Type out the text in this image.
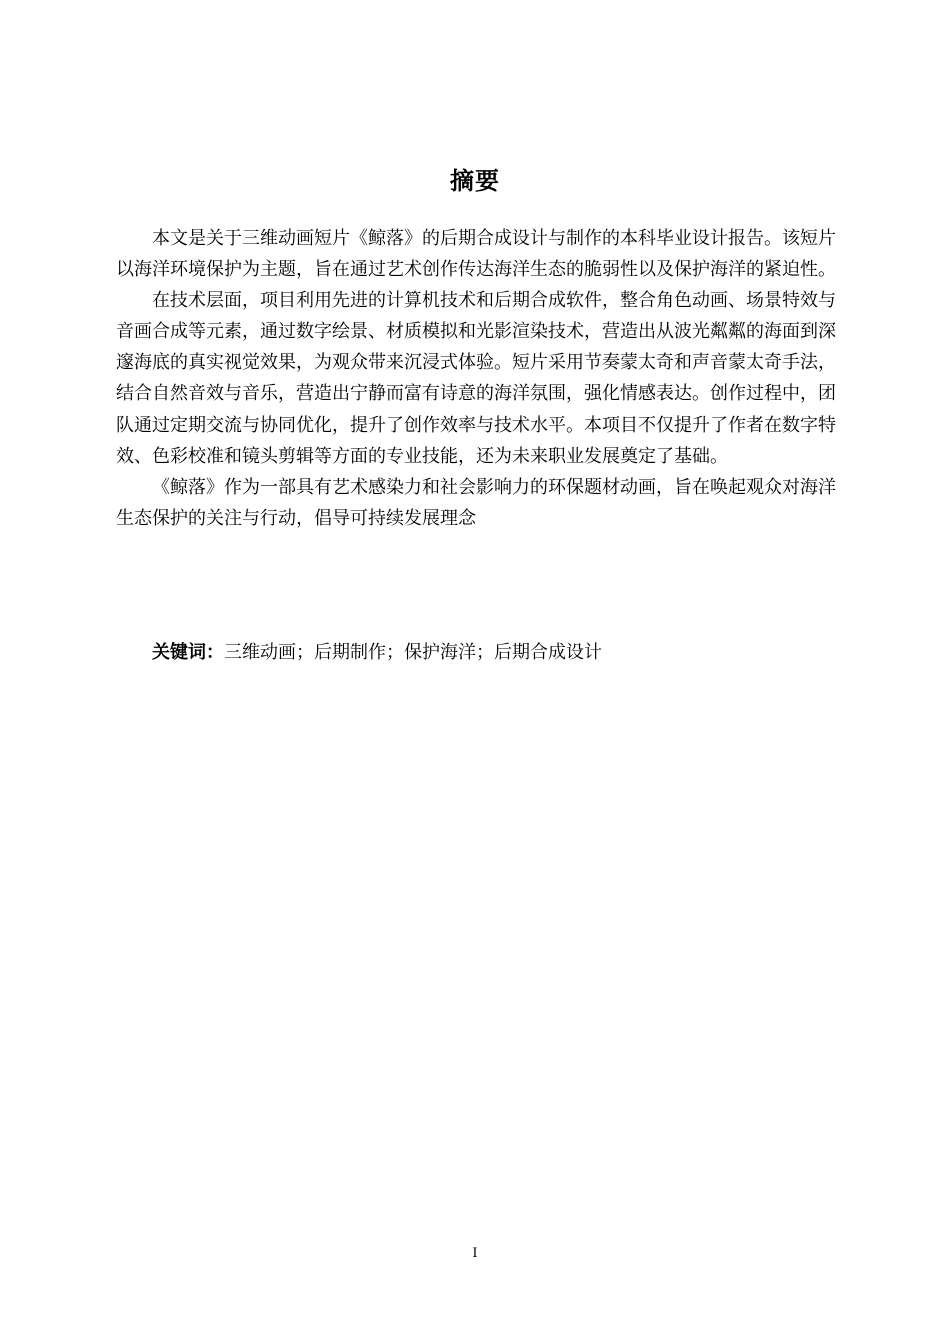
摘要

本文是关于三维动画短片《鲸落》的后期合成设计与制作的本科毕业设计报告。该短片以海洋环境保护为主题，旨在通过艺术创作传达海洋生态的脆弱性以及保护海洋的紧迫性。

在技术层面，项目利用先进的计算机技术和后期合成软件，整合角色动画、场景特效与音画合成等元素，通过数字绘景、材质模拟和光影渲染技术，营造出从波光粼粼的海面到深邃海底的真实视觉效果，为观众带来沉浸式体验。短片采用节奏蒙太奇和声音蒙太奇手法，结合自然音效与音乐，营造出宁静而富有诗意的海洋氛围，强化情感表达。创作过程中，团队通过定期交流与协同优化，提升了创作效率与技术水平。本项目不仅提升了作者在数字特效、色彩校准和镜头剪辑等方面的专业技能，还为未来职业发展奠定了基础。

《鲸落》作为一部具有艺术感染力和社会影响力的环保题材动画，旨在唤起观众对海洋生态保护的关注与行动，倡导可持续发展理念

关键词：三维动画；后期制作；保护海洋；后期合成设计
I
